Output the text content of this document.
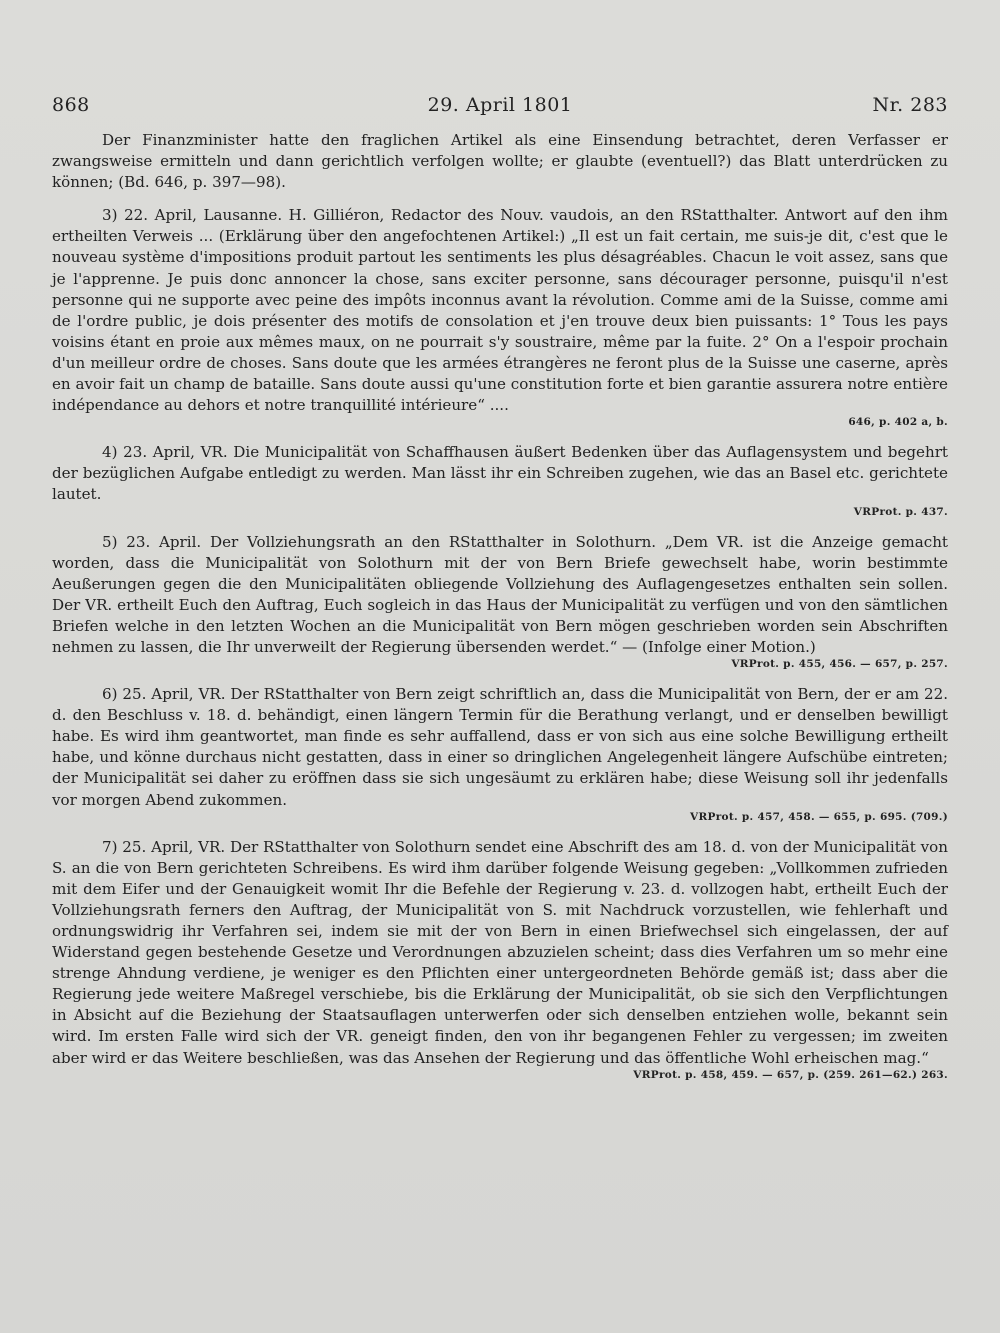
868	29. April 1801	Nr. 283

Der Finanzminister hatte den fraglichen Artikel als eine Einsendung betrachtet, deren Verfasser er zwangsweise ermitteln und dann gerichtlich verfolgen wollte; er glaubte (eventuell?) das Blatt unterdrücken zu können; (Bd. 646, p. 397—98).

3) 22. April, Lausanne. H. Gilliéron, Redactor des Nouv. vaudois, an den RStatthalter. Antwort auf den ihm ertheilten Verweis ... (Erklärung über den angefochtenen Artikel:) „Il est un fait certain, me suis-je dit, c'est que le nouveau système d'impositions produit partout les sentiments les plus désagréables. Chacun le voit assez, sans que je l'apprenne. Je puis donc annoncer la chose, sans exciter personne, sans décourager personne, puisqu'il n'est personne qui ne supporte avec peine des impôts inconnus avant la révolution. Comme ami de la Suisse, comme ami de l'ordre public, je dois présenter des motifs de consolation et j'en trouve deux bien puissants: 1° Tous les pays voisins étant en proie aux mêmes maux, on ne pourrait s'y soustraire, même par la fuite. 2° On a l'espoir prochain d'un meilleur ordre de choses. Sans doute que les armées étrangères ne feront plus de la Suisse une caserne, après en avoir fait un champ de bataille. Sans doute aussi qu'une constitution forte et bien garantie assurera notre entière indépendance au dehors et notre tranquillité intérieure“ ....

646, p. 402 a, b.

4) 23. April, VR. Die Municipalität von Schaffhausen äußert Bedenken über das Auflagensystem und begehrt der bezüglichen Aufgabe entledigt zu werden. Man lässt ihr ein Schreiben zugehen, wie das an Basel etc. gerichtete lautet.

VRProt. p. 437.

5) 23. April. Der Vollziehungsrath an den RStatthalter in Solothurn. „Dem VR. ist die Anzeige gemacht worden, dass die Municipalität von Solothurn mit der von Bern Briefe gewechselt habe, worin bestimmte Aeußerungen gegen die den Municipalitäten obliegende Vollziehung des Auflagengesetzes enthalten sein sollen. Der VR. ertheilt Euch den Auftrag, Euch sogleich in das Haus der Municipalität zu verfügen und von den sämtlichen Briefen welche in den letzten Wochen an die Municipalität von Bern mögen geschrieben worden sein Abschriften nehmen zu lassen, die Ihr unverweilt der Regierung übersenden werdet.“ — (Infolge einer Motion.)

VRProt. p. 455, 456. — 657, p. 257.

6) 25. April, VR. Der RStatthalter von Bern zeigt schriftlich an, dass die Municipalität von Bern, der er am 22. d. den Beschluss v. 18. d. behändigt, einen längern Termin für die Berathung verlangt, und er denselben bewilligt habe. Es wird ihm geantwortet, man finde es sehr auffallend, dass er von sich aus eine solche Bewilligung ertheilt habe, und könne durchaus nicht gestatten, dass in einer so dringlichen Angelegenheit längere Aufschübe eintreten; der Municipalität sei daher zu eröffnen dass sie sich ungesäumt zu erklären habe; diese Weisung soll ihr jedenfalls vor morgen Abend zukommen.

VRProt. p. 457, 458. — 655, p. 695. (709.)

7) 25. April, VR. Der RStatthalter von Solothurn sendet eine Abschrift des am 18. d. von der Municipalität von S. an die von Bern gerichteten Schreibens. Es wird ihm darüber folgende Weisung gegeben: „Vollkommen zufrieden mit dem Eifer und der Genauigkeit womit Ihr die Befehle der Regierung v. 23. d. vollzogen habt, ertheilt Euch der Vollziehungsrath ferners den Auftrag, der Municipalität von S. mit Nachdruck vorzustellen, wie fehlerhaft und ordnungswidrig ihr Verfahren sei, indem sie mit der von Bern in einen Briefwechsel sich eingelassen, der auf Widerstand gegen bestehende Gesetze und Verordnungen abzuzielen scheint; dass dies Verfahren um so mehr eine strenge Ahndung verdiene, je weniger es den Pflichten einer untergeordneten Behörde gemäß ist; dass aber die Regierung jede weitere Maßregel verschiebe, bis die Erklärung der Municipalität, ob sie sich den Verpflichtungen in Absicht auf die Beziehung der Staatsauflagen unterwerfen oder sich denselben entziehen wolle, bekannt sein wird. Im ersten Falle wird sich der VR. geneigt finden, den von ihr begangenen Fehler zu vergessen; im zweiten aber wird er das Weitere beschließen, was das Ansehen der Regierung und das öffentliche Wohl erheischen mag.“

VRProt. p. 458, 459. — 657, p. (259. 261—62.) 263.
